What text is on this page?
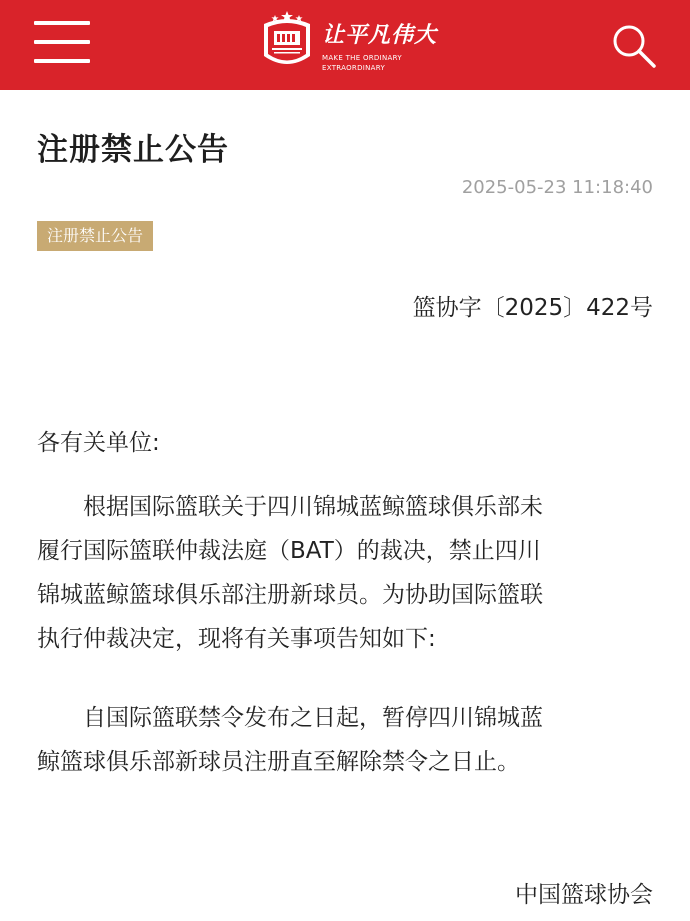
让平凡伟大
MAKE THE ORDINARY
EXTRAORDINARY
注册禁止公告
2025-05-23 11:18:40
注册禁止公告
篮协字〔2025〕422号
各有关单位:
根据国际篮联关于四川锦城蓝鲸篮球俱乐部未
履行国际篮联仲裁法庭（BAT）的裁决，禁止四川
锦城蓝鲸篮球俱乐部注册新球员。为协助国际篮联
执行仲裁决定，现将有关事项告知如下:
自国际篮联禁令发布之日起，暂停四川锦城蓝
鲸篮球俱乐部新球员注册直至解除禁令之日止。
中国篮球协会
